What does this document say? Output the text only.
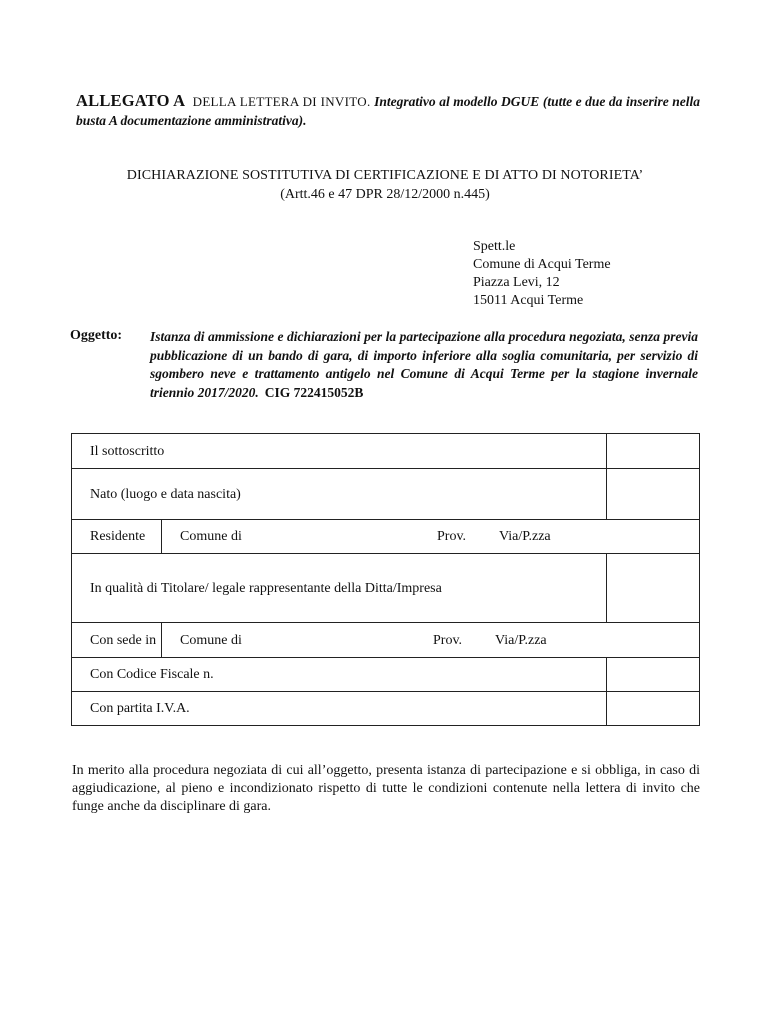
ALLEGATO A DELLA LETTERA DI INVITO. Integrativo al modello DGUE (tutte e due da inserire nella busta A documentazione amministrativa).
DICHIARAZIONE SOSTITUTIVA DI CERTIFICAZIONE E DI ATTO DI NOTORIETA’
(Artt.46 e 47 DPR 28/12/2000 n.445)
Spett.le
Comune di Acqui Terme
Piazza Levi, 12
15011 Acqui Terme
Oggetto: Istanza di ammissione e dichiarazioni per la partecipazione alla procedura negoziata, senza previa pubblicazione di un bando di gara, di importo inferiore alla soglia comunitaria, per servizio di sgombero neve e trattamento antigelo nel Comune di Acqui Terme per la stagione invernale triennio 2017/2020. CIG 722415052B
Il sottoscritto		
Nato (luogo e data nascita)		
Residente	Comune di Prov. Via/P.zza	

In qualità di Titolare/ legale rappresentante della Ditta/Impresa		
Con sede in	Comune di Prov. Via/P.zza	

Con Codice Fiscale n.		
Con partita I.V.A.		
In merito alla procedura negoziata di cui all’oggetto, presenta istanza di partecipazione e si obbliga, in caso di aggiudicazione, al pieno e incondizionato rispetto di tutte le condizioni contenute nella lettera di invito che funge anche da disciplinare di gara.
